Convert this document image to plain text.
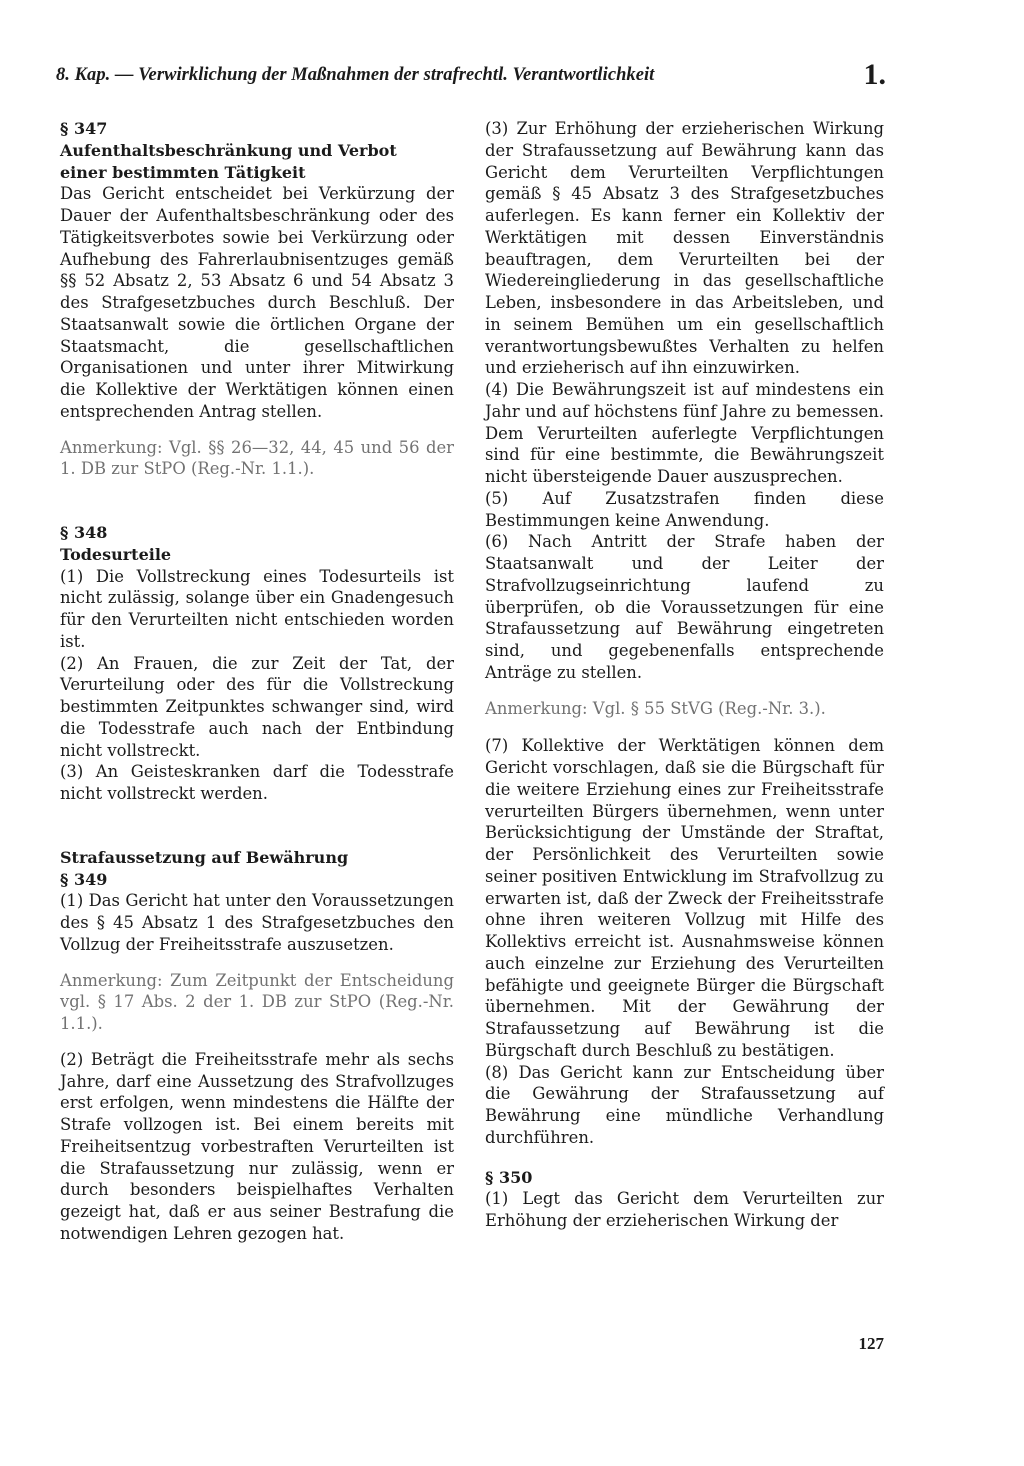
8. Kap. — Verwirklichung der Maßnahmen der strafrechtl. Verantwortlichkeit	1.
§ 347
Aufenthaltsbeschränkung und Verbot
einer bestimmten Tätigkeit

Das Gericht entscheidet bei Verkürzung der Dauer der Aufenthaltsbeschränkung oder des Tätigkeitsverbotes sowie bei Verkürzung oder Aufhebung des Fahrerlaubnisentzuges gemäß §§ 52 Absatz 2, 53 Absatz 6 und 54 Absatz 3 des Strafgesetzbuches durch Beschluß. Der Staatsanwalt sowie die örtlichen Organe der Staatsmacht, die gesellschaftlichen Organisationen und unter ihrer Mitwirkung die Kollektive der Werktätigen können einen entsprechenden Antrag stellen.

Anmerkung: Vgl. §§ 26—32, 44, 45 und 56 der 1. DB zur StPO (Reg.-Nr. 1.1.).

§ 348
Todesurteile

(1) Die Vollstreckung eines Todesurteils ist nicht zulässig, solange über ein Gnadengesuch für den Verurteilten nicht entschieden worden ist.

(2) An Frauen, die zur Zeit der Tat, der Verurteilung oder des für die Vollstreckung bestimmten Zeitpunktes schwanger sind, wird die Todesstrafe auch nach der Entbindung nicht vollstreckt.

(3) An Geisteskranken darf die Todesstrafe nicht vollstreckt werden.

Strafaussetzung auf Bewährung
§ 349

(1) Das Gericht hat unter den Voraussetzungen des § 45 Absatz 1 des Strafgesetzbuches den Vollzug der Freiheitsstrafe auszusetzen.

Anmerkung: Zum Zeitpunkt der Entscheidung vgl. § 17 Abs. 2 der 1. DB zur StPO (Reg.-Nr. 1.1.).

(2) Beträgt die Freiheitsstrafe mehr als sechs Jahre, darf eine Aussetzung des Strafvollzuges erst erfolgen, wenn mindestens die Hälfte der Strafe vollzogen ist. Bei einem bereits mit Freiheitsentzug vorbestraften Verurteilten ist die Strafaussetzung nur zulässig, wenn er durch besonders beispielhaftes Verhalten gezeigt hat, daß er aus seiner Bestrafung die notwendigen Lehren gezogen hat.

(3) Zur Erhöhung der erzieherischen Wirkung der Strafaussetzung auf Bewährung kann das Gericht dem Verurteilten Verpflichtungen gemäß § 45 Absatz 3 des Strafgesetzbuches auferlegen. Es kann ferner ein Kollektiv der Werktätigen mit dessen Einverständnis beauftragen, dem Verurteilten bei der Wiedereingliederung in das gesellschaftliche Leben, insbesondere in das Arbeitsleben, und in seinem Bemühen um ein gesellschaftlich verantwortungsbewußtes Verhalten zu helfen und erzieherisch auf ihn einzuwirken.

(4) Die Bewährungszeit ist auf mindestens ein Jahr und auf höchstens fünf Jahre zu bemessen. Dem Verurteilten auferlegte Verpflichtungen sind für eine bestimmte, die Bewährungszeit nicht übersteigende Dauer auszusprechen.

(5) Auf Zusatzstrafen finden diese Bestimmungen keine Anwendung.

(6) Nach Antritt der Strafe haben der Staatsanwalt und der Leiter der Strafvollzugseinrichtung laufend zu überprüfen, ob die Voraussetzungen für eine Strafaussetzung auf Bewährung eingetreten sind, und gegebenenfalls entsprechende Anträge zu stellen.

Anmerkung: Vgl. § 55 StVG (Reg.-Nr. 3.).

(7) Kollektive der Werktätigen können dem Gericht vorschlagen, daß sie die Bürgschaft für die weitere Erziehung eines zur Freiheitsstrafe verurteilten Bürgers übernehmen, wenn unter Berücksichtigung der Umstände der Straftat, der Persönlichkeit des Verurteilten sowie seiner positiven Entwicklung im Strafvollzug zu erwarten ist, daß der Zweck der Freiheitsstrafe ohne ihren weiteren Vollzug mit Hilfe des Kollektivs erreicht ist. Ausnahmsweise können auch einzelne zur Erziehung des Verurteilten befähigte und geeignete Bürger die Bürgschaft übernehmen. Mit der Gewährung der Strafaussetzung auf Bewährung ist die Bürgschaft durch Beschluß zu bestätigen.

(8) Das Gericht kann zur Entscheidung über die Gewährung der Strafaussetzung auf Bewährung eine mündliche Verhandlung durchführen.

§ 350

(1) Legt das Gericht dem Verurteilten zur Erhöhung der erzieherischen Wirkung der

127
